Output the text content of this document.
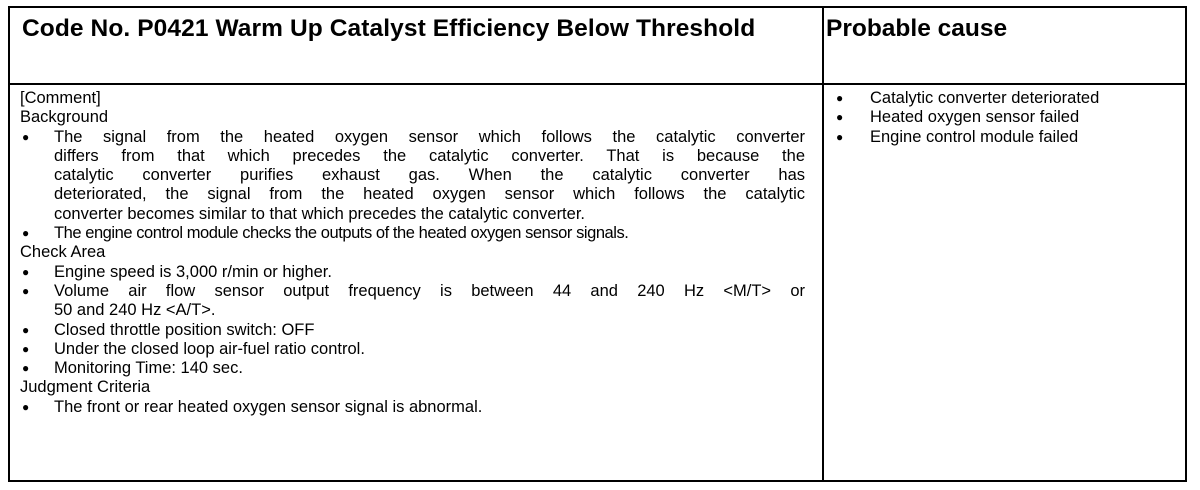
Code No. P0421 Warm Up Catalyst Efficiency Below Threshold	Probable cause
[Comment]
Background
● The signal from the heated oxygen sensor which follows the catalytic converter
differs from that which precedes the catalytic converter. That is because the
catalytic converter purifies exhaust gas. When the catalytic converter has
deteriorated, the signal from the heated oxygen sensor which follows the catalytic
converter becomes similar to that which precedes the catalytic converter.
● The engine control module checks the outputs of the heated oxygen sensor signals.
Check Area
● Engine speed is 3,000 r/min or higher.
● Volume air flow sensor output frequency is between 44 and 240 Hz <M/T> or
50 and 240 Hz <A/T>.
● Closed throttle position switch: OFF
● Under the closed loop air-fuel ratio control.
● Monitoring Time: 140 sec.
Judgment Criteria
● The front or rear heated oxygen sensor signal is abnormal.
● Catalytic converter deteriorated
● Heated oxygen sensor failed
● Engine control module failed
